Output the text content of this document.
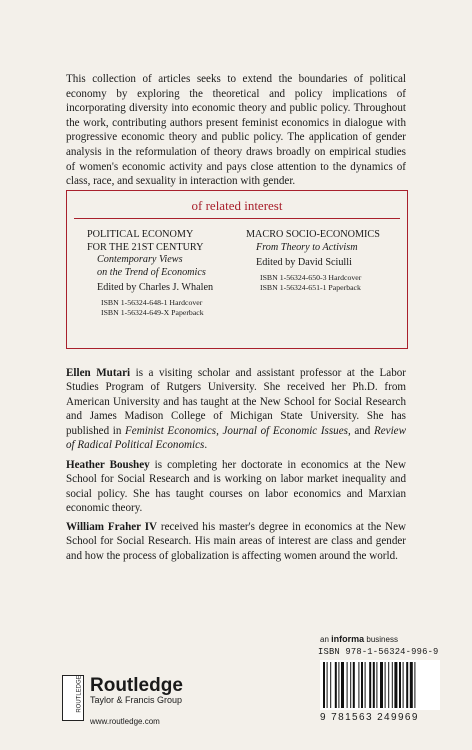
This collection of articles seeks to extend the boundaries of political economy by exploring the theoretical and policy implications of incorporating diversity into economic theory and public policy. Throughout the work, contributing authors present feminist economics in dialogue with progressive economic theory and public policy. The application of gender analysis in the reformulation of theory draws broadly on empirical studies of women's economic activity and pays close attention to the dynamics of class, race, and sexuality in interaction with gender.
of related interest
POLITICAL ECONOMY
FOR THE 21ST CENTURY
Contemporary Views
on the Trend of Economics
Edited by Charles J. Whalen
ISBN 1-56324-648-1 Hardcover
ISBN 1-56324-649-X Paperback
MACRO SOCIO-ECONOMICS
From Theory to Activism
Edited by David Sciulli
ISBN 1-56324-650-3 Hardcover
ISBN 1-56324-651-1 Paperback
Ellen Mutari is a visiting scholar and assistant professor at the Labor Studies Program of Rutgers University. She received her Ph.D. from American University and has taught at the New School for Social Research and James Madison College of Michigan State University. She has published in Feminist Economics, Journal of Economic Issues, and Review of Radical Political Economics.
Heather Boushey is completing her doctorate in economics at the New School for Social Research and is working on labor market inequality and social policy. She has taught courses on labor economics and Marxian economic theory.
William Fraher IV received his master's degree in economics at the New School for Social Research. His main areas of interest are class and gender and how the process of globalization is affecting women around the world.
ROUTLEDGE Routledge
Taylor & Francis Group
www.routledge.com
an informa business
ISBN 978-1-56324-996-9
9 781563 249969
